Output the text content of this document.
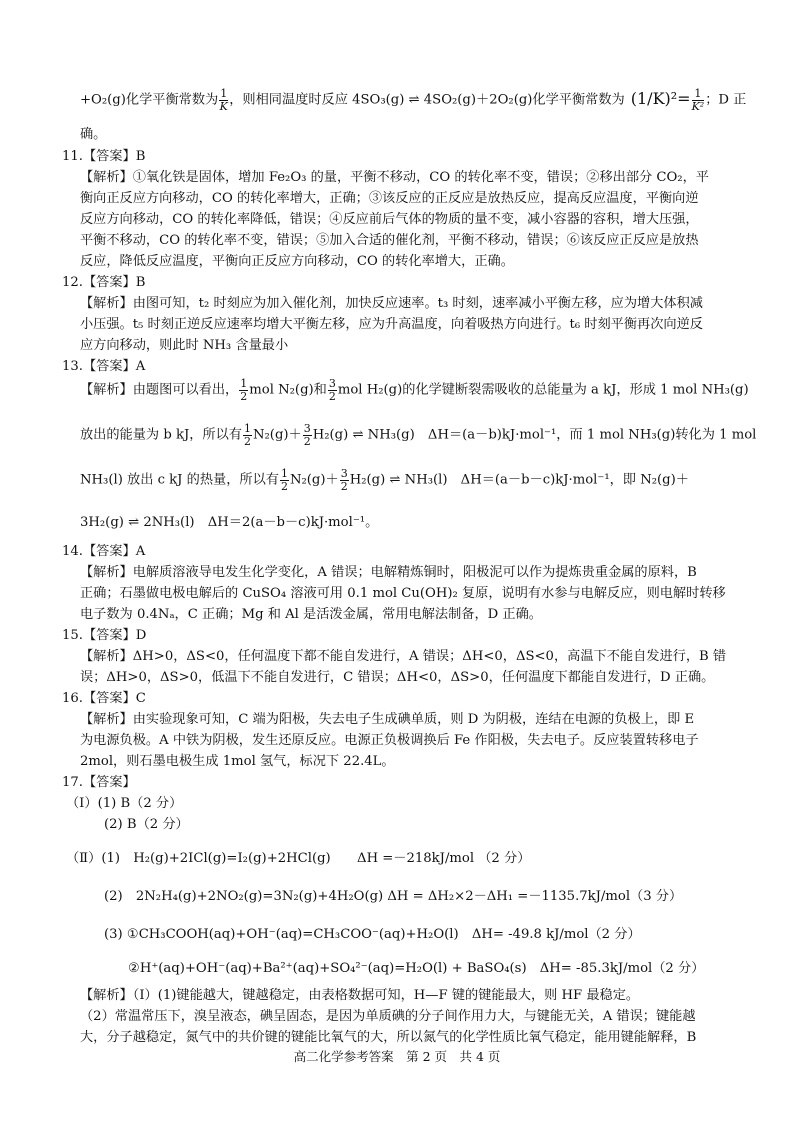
+O₂(g)化学平衡常数为 $\frac{1}{K}$ ，则相同温度时反应 4SO₃(g) ⇌ 4SO₂(g)＋2O₂(g)化学平衡常数为 $(1/K)^2= \frac{1}{\text{K²}}$ ；D 正
确。
11.【答案】B
【解析】①氧化铁是固体，增加 Fe₂O₃ 的量，平衡不移动，CO 的转化率不变，错误；②移出部分 CO₂，平
衡向正反应方向移动，CO 的转化率增大，正确；③该反应的正反应是放热反应，提高反应温度，平衡向逆
反应方向移动，CO 的转化率降低，错误；④反应前后气体的物质的量不变，减小容器的容积，增大压强，
平衡不移动，CO 的转化率不变，错误；⑤加入合适的催化剂，平衡不移动，错误；⑥该反应正反应是放热
反应，降低反应温度，平衡向正反应方向移动，CO 的转化率增大，正确。
12.【答案】B
【解析】由图可知，t₂ 时刻应为加入催化剂，加快反应速率。t₃ 时刻，速率减小平衡左移，应为增大体积减
小压强。t₅ 时刻正逆反应速率均增大平衡左移，应为升高温度，向着吸热方向进行。t₆ 时刻平衡再次向逆反
应方向移动，则此时 NH₃ 含量最小
13.【答案】A
【解析】由题图可以看出， $\frac{1}{2}$ mol N₂(g)和 $\frac{3}{2}$ mol H₂(g)的化学键断裂需吸收的总能量为 a kJ，形成 1 mol NH₃(g)
放出的能量为 b kJ，所以有 $\frac{1}{2} N_2(g)+ \frac{3}{2} H_2(g)$ ⇌ NH₃(g)　ΔH＝(a－b)kJ·mol⁻¹，而 1 mol NH₃(g)转化为 1 mol
NH₃(l) 放出 c kJ 的热量，所以有 $\frac{1}{2} N_2(g)+ \frac{3}{2} H_2(g)$ ⇌ NH₃(l)　ΔH＝(a－b－c)kJ·mol⁻¹，即 N₂(g)＋
3H₂(g) ⇌ 2NH₃(l)　ΔH＝2(a－b－c)kJ·mol⁻¹。
14.【答案】A
【解析】电解质溶液导电发生化学变化，A 错误；电解精炼铜时，阳极泥可以作为提炼贵重金属的原料，B
正确；石墨做电极电解后的 CuSO₄ 溶液可用 0.1 mol Cu(OH)₂ 复原，说明有水参与电解反应，则电解时转移
电子数为 0.4Nₐ，C 正确；Mg 和 Al 是活泼金属，常用电解法制备，D 正确。
15.【答案】D
【解析】ΔH>0，ΔS<0，任何温度下都不能自发进行，A 错误；ΔH<0，ΔS<0，高温下不能自发进行，B 错
误；ΔH>0，ΔS>0，低温下不能自发进行，C 错误；ΔH<0，ΔS>0，任何温度下都能自发进行，D 正确。
16.【答案】C
【解析】由实验现象可知，C 端为阳极，失去电子生成碘单质，则 D 为阴极，连结在电源的负极上，即 E
为电源负极。A 中铁为阴极，发生还原反应。电源正负极调换后 Fe 作阳极，失去电子。反应装置转移电子
2mol，则石墨电极生成 1mol 氢气，标况下 22.4L。
17.【答案】
（Ⅰ）(1) B（2 分）
(2) B（2 分）
（Ⅱ）(1)　H₂(g)+2ICl(g)=I₂(g)+2HCl(g)　　ΔH =－218kJ/mol （2 分）
(2)　2N₂H₄(g)+2NO₂(g)=3N₂(g)+4H₂O(g) ΔH = ΔH₂×2－ΔH₁ =－1135.7kJ/mol（3 分）
(3) ①CH₃COOH(aq)+OH⁻(aq)=CH₃COO⁻(aq)+H₂O(l)　ΔH= -49.8 kJ/mol（2 分）
②H⁺(aq)+OH⁻(aq)+Ba²⁺(aq)+SO₄²⁻(aq)=H₂O(l) + BaSO₄(s)　ΔH= -85.3kJ/mol（2 分）
【解析】（Ⅰ）(1)键能越大，键越稳定，由表格数据可知，H—F 键的键能最大，则 HF 最稳定。
（2）常温常压下，溴呈液态，碘呈固态，是因为单质碘的分子间作用力大，与键能无关，A 错误；键能越
大，分子越稳定，氮气中的共价键的键能比氧气的大，所以氮气的化学性质比氧气稳定，能用键能解释，B
高二化学参考答案　第 2 页　共 4 页
